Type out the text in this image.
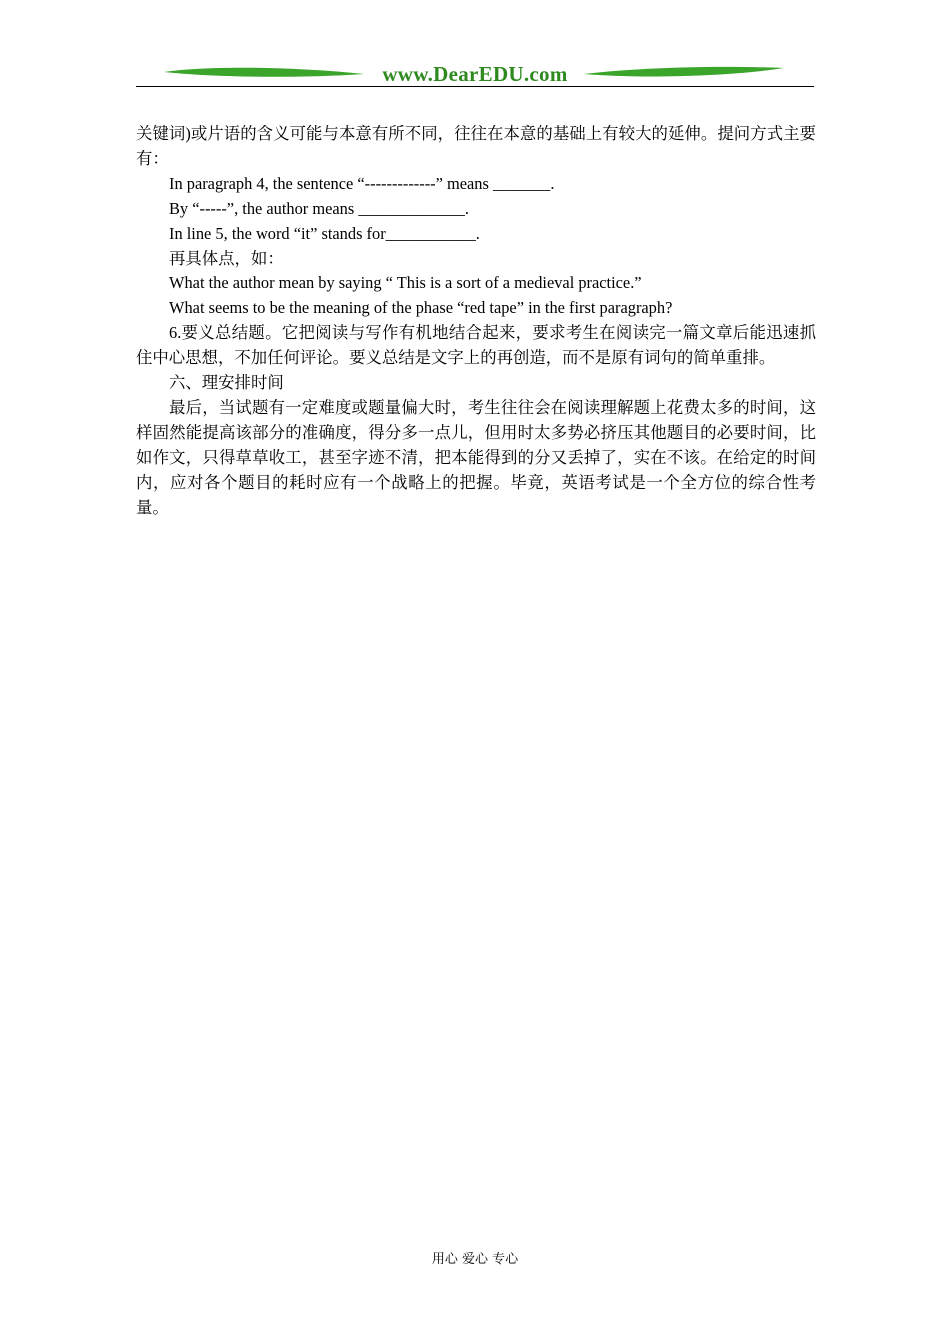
www.DearEDU.com

关键词)或片语的含义可能与本意有所不同，往往在本意的基础上有较大的延伸。提问方式主要有：

In paragraph 4, the sentence “-------------” means _______.

By “-----”, the author means _____________.

In line 5, the word “it” stands for___________.

再具体点，如：

What the author mean by saying “ This is a sort of a medieval practice.”

What seems to be the meaning of the phase “red tape” in the first paragraph?

6.要义总结题。它把阅读与写作有机地结合起来，要求考生在阅读完一篇文章后能迅速抓住中心思想，不加任何评论。要义总结是文字上的再创造，而不是原有词句的简单重排。

六、理安排时间

最后，当试题有一定难度或题量偏大时，考生往往会在阅读理解题上花费太多的时间，这样固然能提高该部分的准确度，得分多一点儿，但用时太多势必挤压其他题目的必要时间，比如作文，只得草草收工，甚至字迹不清，把本能得到的分又丢掉了，实在不该。在给定的时间内，应对各个题目的耗时应有一个战略上的把握。毕竟，英语考试是一个全方位的综合性考量。

用心 爱心 专心
